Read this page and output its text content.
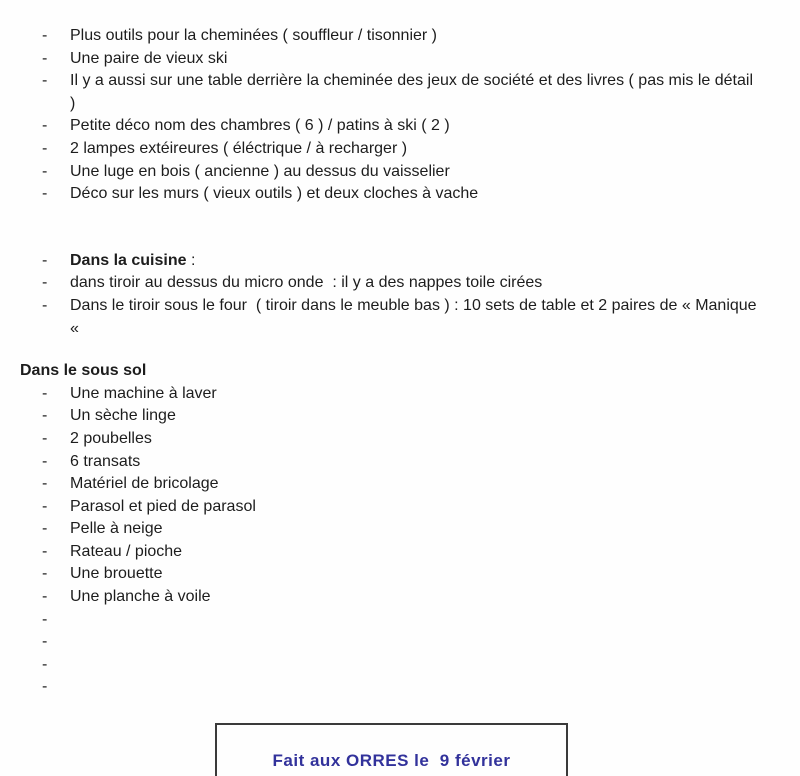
-	Plus outils pour la cheminées ( souffleur / tisonnier )
-	Une paire de vieux ski
-	Il y a aussi sur une table derrière la cheminée des jeux de société et des livres ( pas mis le détail )
-	Petite déco nom des chambres ( 6 ) / patins à ski ( 2 )
-	2 lampes extéireures ( éléctrique / à recharger )
-	Une luge en bois ( ancienne ) au dessus du vaisselier
-	Déco sur les murs ( vieux outils ) et deux cloches à vache
-	Dans la cuisine :
-	dans tiroir au dessus du micro onde  : il y a des nappes toile cirées
-	Dans le tiroir sous le four  ( tiroir dans le meuble bas ) : 10 sets de table et 2 paires de « Manique «
Dans le sous sol
-	Une machine à laver
-	Un sèche linge
-	2 poubelles
-	6 transats
-	Matériel de bricolage
-	Parasol et pied de parasol
-	Pelle à neige
-	Rateau / pioche
-	Une brouette
-	Une planche à voile
-
-
-
-
Fait aux ORRES le  9 février
